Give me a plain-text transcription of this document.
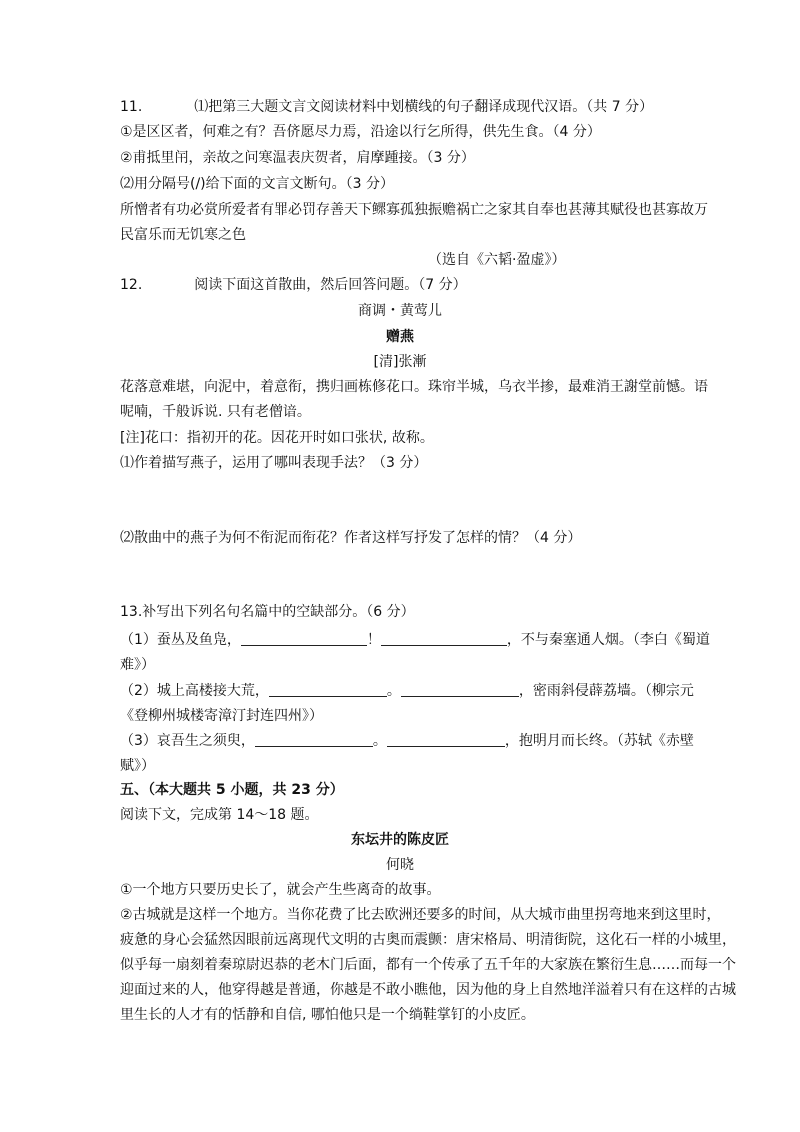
11.	⑴把第三大题文言文阅读材料中划横线的句子翻译成现代汉语。（共 7 分）
①是区区者，何难之有？吾侪愿尽力焉，沿途以行乞所得，供先生食。（4 分）
②甫抵里闬，亲故之问寒温表庆贺者，肩摩踵接。（3 分）
⑵用分隔号(/)给下面的文言文断句。（3 分）
所憎者有功必赏所爱者有罪必罚存善天下鳏寡孤独振赡祸亡之家其自奉也甚薄其赋役也甚寡故万
民富乐而无饥寒之色
（选自《六韬·盈虚》）
12.	阅读下面这首散曲，然后回答问题。（7 分）
商调・黄莺儿
赠燕
[清]张漸
花落意难堪，向泥中，着意衔，携归画栋修花口。珠帘半城，乌衣半掺，最难消王謝堂前憾。语
呢喃，千般诉说. 只有老僧谙。
[注]花口：指初开的花。因花开时如口张状, 故称。
⑴作着描写燕子，运用了哪叫表现手法？（3 分）
⑵散曲中的燕子为何不衔泥而衔花？作者这样写抒发了怎样的情？（4 分）
13.补写出下列名句名篇中的空缺部分。（6 分）
（1）蚕丛及鱼凫，	！	，不与秦塞通人烟。（李白《蜀道
难》）
（2）城上高楼接大荒，	。	，密雨斜侵薜荔墙。（柳宗元
《登柳州城楼寄漳汀封连四州》）
（3）哀吾生之须臾，	。	，抱明月而长终。（苏轼《赤壁
赋》）
五、（本大题共 5 小题，共 23 分）
阅读下文，完成第 14～18 题。
东坛井的陈皮匠
何晓
①一个地方只要历史长了，就会产生些离奇的故事。
②古城就是这样一个地方。当你花费了比去欧洲还要多的时间，从大城市曲里拐弯地来到这里时，
疲惫的身心会猛然因眼前远离现代文明的古奥而震颤：唐宋格局、明清街院，这化石一样的小城里，
似乎每一扇刻着秦琼尉迟恭的老木门后面，都有一个传承了五千年的大家族在繁衍生息……而每一个
迎面过来的人，他穿得越是普通，你越是不敢小瞧他，因为他的身上自然地洋溢着只有在这样的古城
里生长的人才有的恬静和自信, 哪怕他只是一个绱鞋掌钉的小皮匠。
